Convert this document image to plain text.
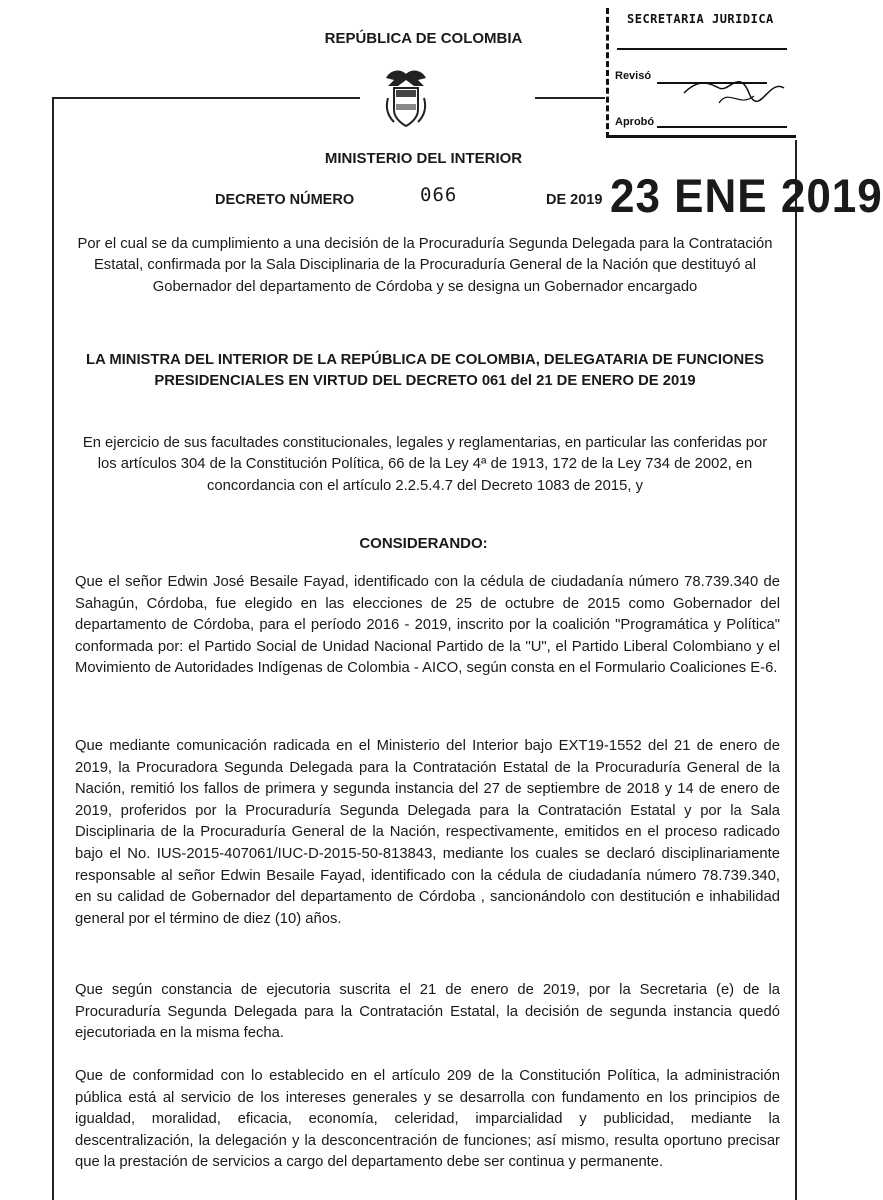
SECRETARIA JURIDICA
Revisó
Aprobó
REPÚBLICA DE COLOMBIA
MINISTERIO DEL INTERIOR
DECRETO NÚMERO	066	DE 2019 23 ENE 2019
Por el cual se da cumplimiento a una decisión de la Procuraduría Segunda Delegada para la Contratación Estatal, confirmada por la Sala Disciplinaria de la Procuraduría General de la Nación que destituyó al Gobernador del departamento de Córdoba y se designa un Gobernador encargado
LA MINISTRA DEL INTERIOR DE LA REPÚBLICA DE COLOMBIA, DELEGATARIA DE FUNCIONES PRESIDENCIALES EN VIRTUD DEL DECRETO 061 del 21 DE ENERO DE 2019
En ejercicio de sus facultades constitucionales, legales y reglamentarias, en particular las conferidas por los artículos 304 de la Constitución Política, 66 de la Ley 4ª de 1913, 172 de la Ley 734 de 2002, en concordancia con el artículo 2.2.5.4.7 del Decreto 1083 de 2015, y
CONSIDERANDO:
Que el señor Edwin José Besaile Fayad, identificado con la cédula de ciudadanía número 78.739.340 de Sahagún, Córdoba, fue elegido en las elecciones de 25 de octubre de 2015 como Gobernador del departamento de Córdoba, para el período 2016 - 2019, inscrito por la coalición "Programática y Política" conformada por: el Partido Social de Unidad Nacional Partido de la "U", el Partido Liberal Colombiano y el Movimiento de Autoridades Indígenas de Colombia - AICO, según consta en el Formulario Coaliciones E-6.
Que mediante comunicación radicada en el Ministerio del Interior bajo EXT19-1552 del 21 de enero de 2019, la Procuradora Segunda Delegada para la Contratación Estatal de la Procuraduría General de la Nación, remitió los fallos de primera y segunda instancia del 27 de septiembre de 2018 y 14 de enero de 2019, proferidos por la Procuraduría Segunda Delegada para la Contratación Estatal y por la Sala Disciplinaria de la Procuraduría General de la Nación, respectivamente, emitidos en el proceso radicado bajo el No. IUS-2015-407061/IUC-D-2015-50-813843, mediante los cuales se declaró disciplinariamente responsable al señor Edwin Besaile Fayad, identificado con la cédula de ciudadanía número 78.739.340, en su calidad de Gobernador del departamento de Córdoba , sancionándolo con destitución e inhabilidad general por el término de diez (10) años.
Que según constancia de ejecutoria suscrita el 21 de enero de 2019, por la Secretaria (e) de la Procuraduría Segunda Delegada para la Contratación Estatal, la decisión de segunda instancia quedó ejecutoriada en la misma fecha.
Que de conformidad con lo establecido en el artículo 209 de la Constitución Política, la administración pública está al servicio de los intereses generales y se desarrolla con fundamento en los principios de igualdad, moralidad, eficacia, economía, celeridad, imparcialidad y publicidad, mediante la descentralización, la delegación y la desconcentración de funciones; así mismo, resulta oportuno precisar que la prestación de servicios a cargo del departamento debe ser continua y permanente.
